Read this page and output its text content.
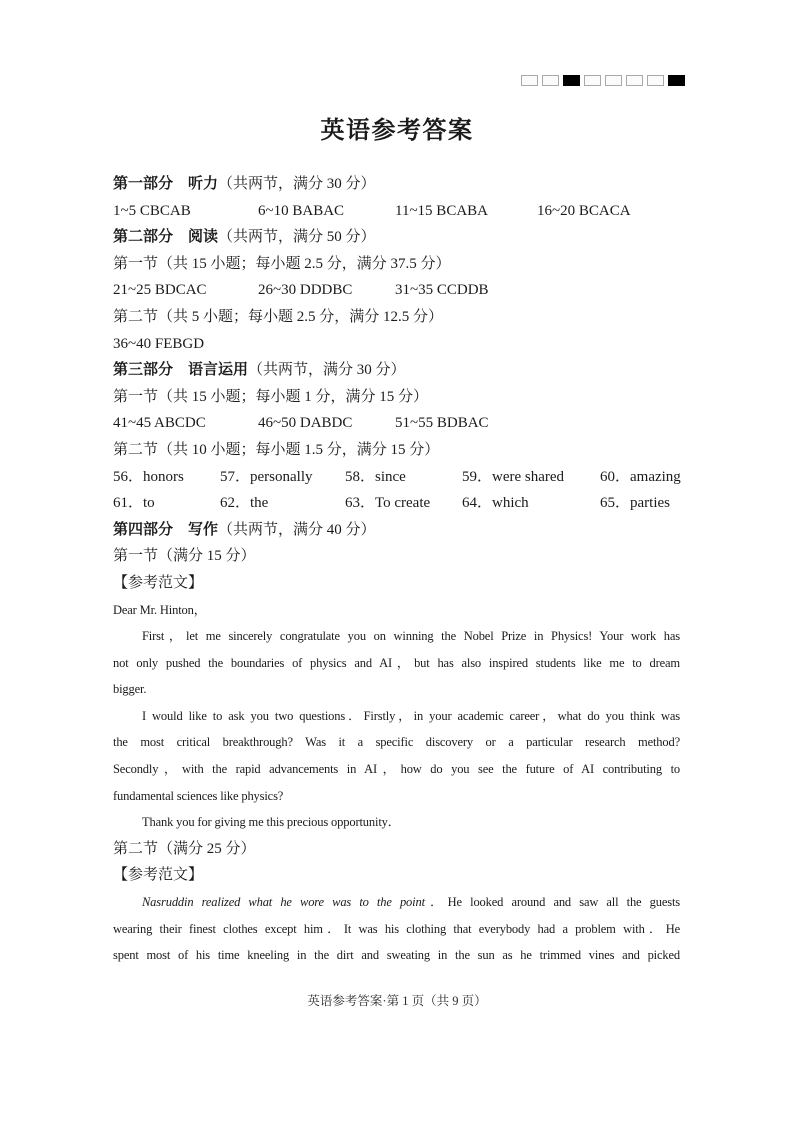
英语参考答案
第一部分　听力（共两节，满分 30 分）
1~5 CBCAB	6~10 BABAC	11~15 BCABA	16~20 BCACA
第二部分　阅读（共两节，满分 50 分）
第一节（共 15 小题；每小题 2.5 分，满分 37.5 分）
21~25 BDCAC	26~30 DDDBC	31~35 CCDDB
第二节（共 5 小题；每小题 2.5 分，满分 12.5 分）
36~40 FEBGD
第三部分　语言运用（共两节，满分 30 分）
第一节（共 15 小题；每小题 1 分，满分 15 分）
41~45 ABCDC	46~50 DABDC	51~55 BDBAC
第二节（共 10 小题；每小题 1.5 分，满分 15 分）
56．honors 57．personally 58．since	59．were shared 60．amazing
61．to	62．the	63．To create 64．which	65．parties
第四部分　写作（共两节，满分 40 分）
第一节（满分 15 分）
【参考范文】
Dear Mr. Hinton，
First，let me sincerely congratulate you on winning the Nobel Prize in Physics! Your work has
not only pushed the boundaries of physics and AI，but has also inspired students like me to dream
bigger.
I would like to ask you two questions．Firstly，in your academic career，what do you think was
the most critical breakthrough? Was it a specific discovery or a particular research method?
Secondly，with the rapid advancements in AI，how do you see the future of AI contributing to
fundamental sciences like physics?
Thank you for giving me this precious opportunity．
第二节（满分 25 分）
【参考范文】
Nasruddin realized what he wore was to the point．He looked around and saw all the guests
wearing their finest clothes except him．It was his clothing that everybody had a problem with．He
spent most of his time kneeling in the dirt and sweating in the sun as he trimmed vines and picked
英语参考答案·第 1 页（共 9 页）
